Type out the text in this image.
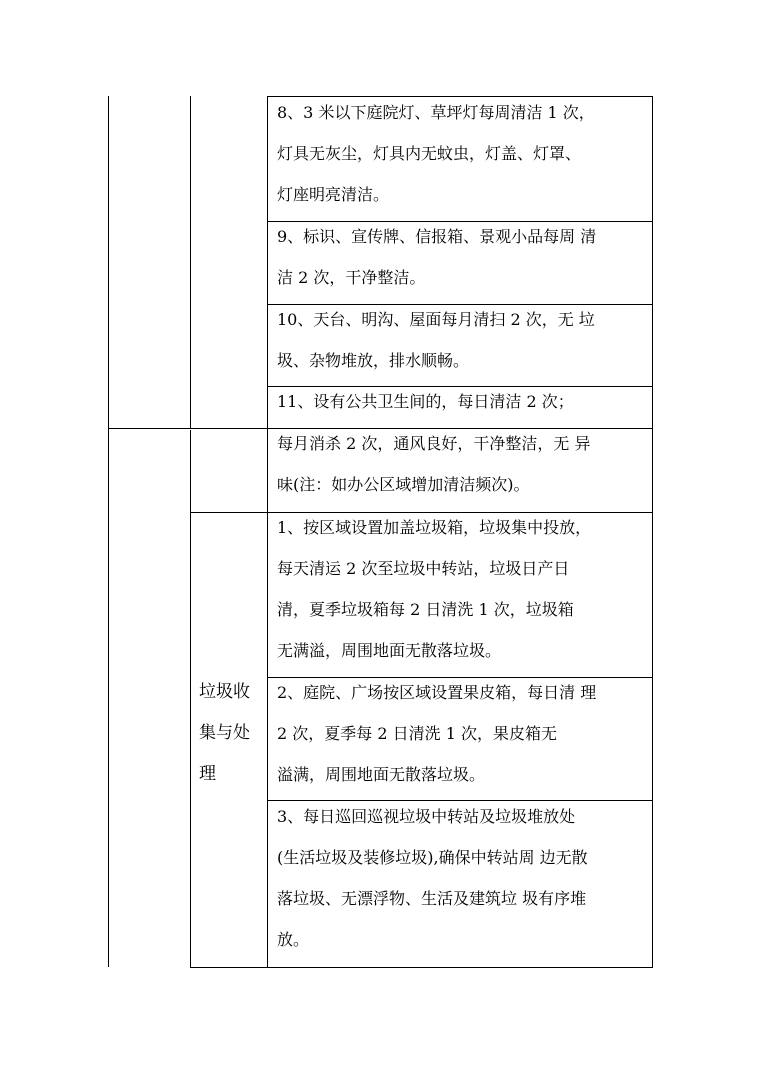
8、3 米以下庭院灯、草坪灯每周清洁 1 次，
灯具无灰尘，灯具内无蚊虫，灯盖、灯罩、
灯座明亮清洁。
9、标识、宣传牌、信报箱、景观小品每周 清
洁 2 次，干净整洁。
10、天台、明沟、屋面每月清扫 2 次，无 垃
圾、杂物堆放，排水顺畅。
11、设有公共卫生间的，每日清洁 2 次；
每月消杀 2 次，通风良好，干净整洁，无 异
味(注：如办公区域增加清洁频次)。
1、按区域设置加盖垃圾箱，垃圾集中投放，
每天清运 2 次至垃圾中转站，垃圾日产日
清，夏季垃圾箱每 2 日清洗 1 次，垃圾箱
无满溢，周围地面无散落垃圾。
2、庭院、广场按区域设置果皮箱，每日清 理
2 次，夏季每 2 日清洗 1 次，果皮箱无
溢满，周围地面无散落垃圾。
3、每日巡回巡视垃圾中转站及垃圾堆放处
(生活垃圾及装修垃圾),确保中转站周 边无散
落垃圾、无漂浮物、生活及建筑垃 圾有序堆
放。
垃圾收
集与处
理
